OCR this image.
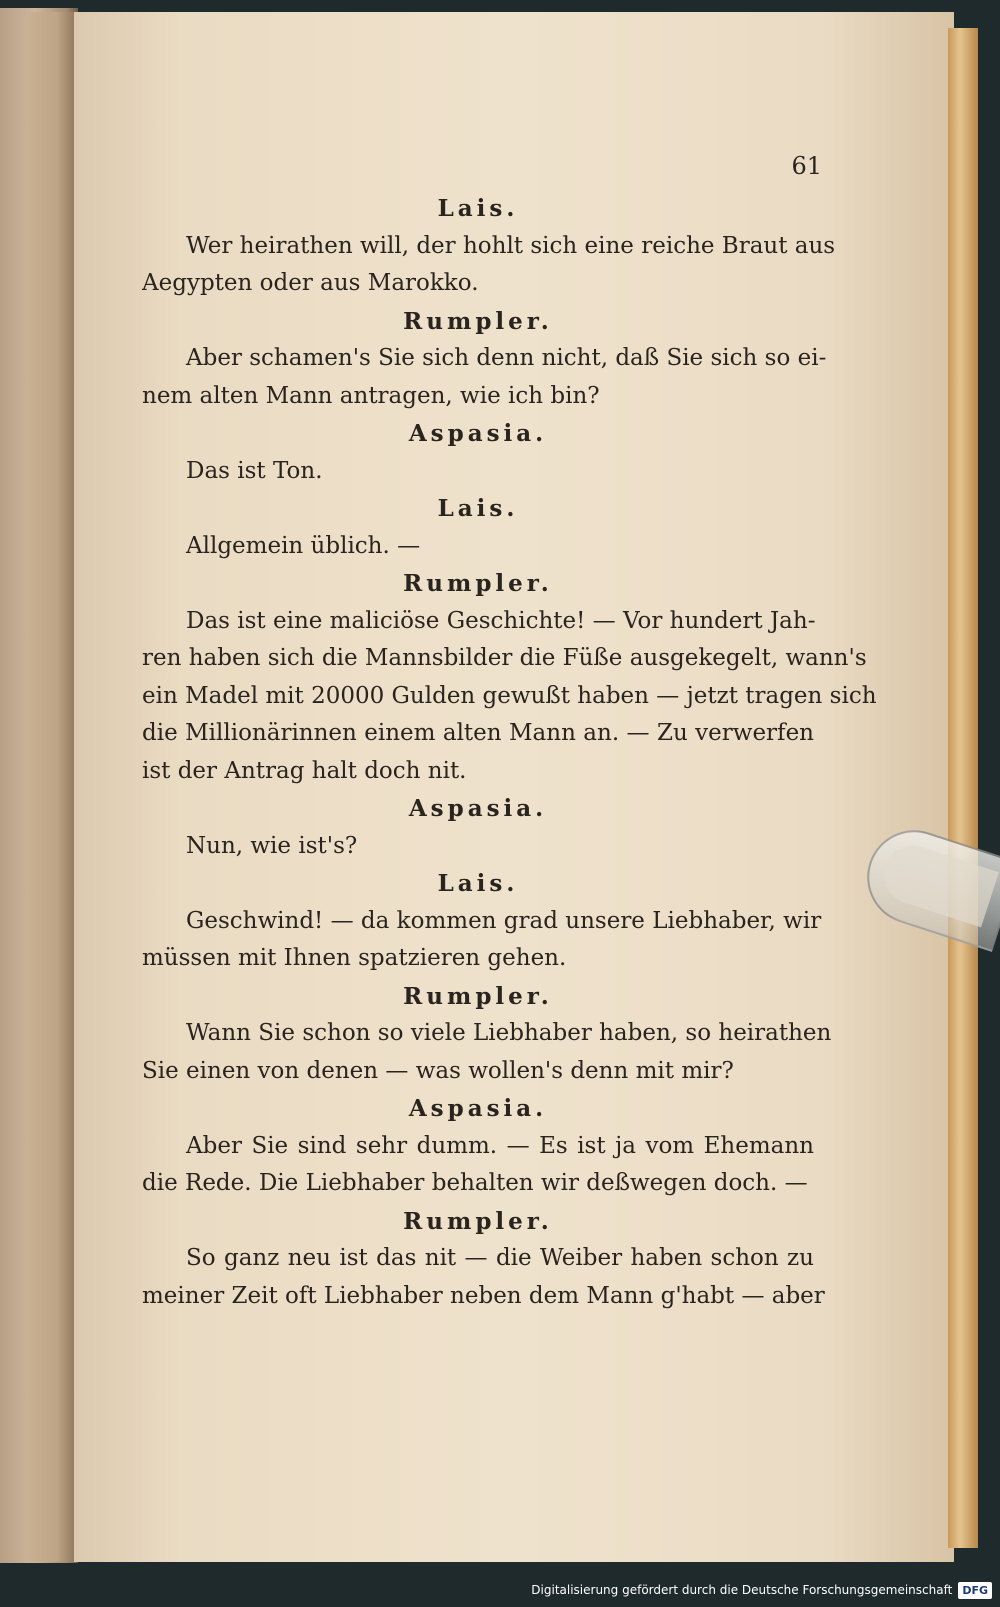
61
Lais.
Wer heirathen will, der hohlt sich eine reiche Braut aus
Aegypten oder aus Marokko.
Rumpler.
Aber schamen's Sie sich denn nicht, daß Sie sich so ei-
nem alten Mann antragen, wie ich bin?
Aspasia.
Das ist Ton.
Lais.
Allgemein üblich. —
Rumpler.
Das ist eine maliciöse Geschichte! — Vor hundert Jah-
ren haben sich die Mannsbilder die Füße ausgekegelt, wann's
ein Madel mit 20000 Gulden gewußt haben — jetzt tragen sich
die Millionärinnen einem alten Mann an. — Zu verwerfen
ist der Antrag halt doch nit.
Aspasia.
Nun, wie ist's?
Lais.
Geschwind! — da kommen grad unsere Liebhaber, wir
müssen mit Ihnen spatzieren gehen.
Rumpler.
Wann Sie schon so viele Liebhaber haben, so heirathen
Sie einen von denen — was wollen's denn mit mir?
Aspasia.
Aber Sie sind sehr dumm. — Es ist ja vom Ehemann
die Rede. Die Liebhaber behalten wir deßwegen doch. —
Rumpler.
So ganz neu ist das nit — die Weiber haben schon zu
meiner Zeit oft Liebhaber neben dem Mann g'habt — aber
Digitalisierung gefördert durch die Deutsche Forschungsgemeinschaft DFG
